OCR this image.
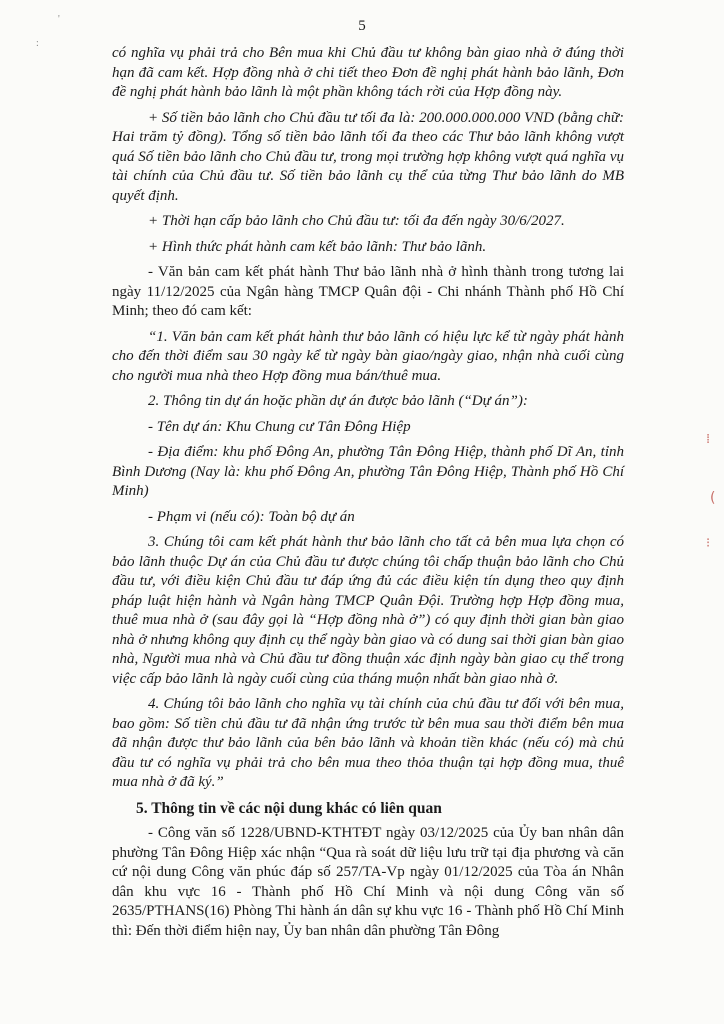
5
'
:

có nghĩa vụ phải trả cho Bên mua khi Chủ đầu tư không bàn giao nhà ở đúng thời hạn đã cam kết. Hợp đồng nhà ở chi tiết theo Đơn đề nghị phát hành bảo lãnh, Đơn đề nghị phát hành bảo lãnh là một phần không tách rời của Hợp đồng này.

+ Số tiền bảo lãnh cho Chủ đầu tư tối đa là: 200.000.000.000 VND (bằng chữ: Hai trăm tỷ đồng). Tổng số tiền bảo lãnh tối đa theo các Thư bảo lãnh không vượt quá Số tiền bảo lãnh cho Chủ đầu tư, trong mọi trường hợp không vượt quá nghĩa vụ tài chính của Chủ đầu tư. Số tiền bảo lãnh cụ thể của từng Thư bảo lãnh do MB quyết định.

+ Thời hạn cấp bảo lãnh cho Chủ đầu tư: tối đa đến ngày 30/6/2027.

+ Hình thức phát hành cam kết bảo lãnh: Thư bảo lãnh.

- Văn bản cam kết phát hành Thư bảo lãnh nhà ở hình thành trong tương lai ngày 11/12/2025 của Ngân hàng TMCP Quân đội - Chi nhánh Thành phố Hồ Chí Minh; theo đó cam kết:

“1. Văn bản cam kết phát hành thư bảo lãnh có hiệu lực kể từ ngày phát hành cho đến thời điểm sau 30 ngày kể từ ngày bàn giao/ngày giao, nhận nhà cuối cùng cho người mua nhà theo Hợp đồng mua bán/thuê mua.

2. Thông tin dự án hoặc phần dự án được bảo lãnh (“Dự án”):

- Tên dự án: Khu Chung cư Tân Đông Hiệp

- Địa điểm: khu phố Đông An, phường Tân Đông Hiệp, thành phố Dĩ An, tỉnh Bình Dương (Nay là: khu phố Đông An, phường Tân Đông Hiệp, Thành phố Hồ Chí Minh)

- Phạm vi (nếu có): Toàn bộ dự án

3. Chúng tôi cam kết phát hành thư bảo lãnh cho tất cả bên mua lựa chọn có bảo lãnh thuộc Dự án của Chủ đầu tư được chúng tôi chấp thuận bảo lãnh cho Chủ đầu tư, với điều kiện Chủ đầu tư đáp ứng đủ các điều kiện tín dụng theo quy định pháp luật hiện hành và Ngân hàng TMCP Quân Đội. Trường hợp Hợp đồng mua, thuê mua nhà ở (sau đây gọi là “Hợp đồng nhà ở”) có quy định thời gian bàn giao nhà ở nhưng không quy định cụ thể ngày bàn giao và có dung sai thời gian bàn giao nhà, Người mua nhà và Chủ đầu tư đồng thuận xác định ngày bàn giao cụ thể trong việc cấp bảo lãnh là ngày cuối cùng của tháng muộn nhất bàn giao nhà ở.

4. Chúng tôi bảo lãnh cho nghĩa vụ tài chính của chủ đầu tư đối với bên mua, bao gồm: Số tiền chủ đầu tư đã nhận ứng trước từ bên mua sau thời điểm bên mua đã nhận được thư bảo lãnh của bên bảo lãnh và khoản tiền khác (nếu có) mà chủ đầu tư có nghĩa vụ phải trả cho bên mua theo thỏa thuận tại hợp đồng mua, thuê mua nhà ở đã ký.”

5. Thông tin về các nội dung khác có liên quan

- Công văn số 1228/UBND-KTHTĐT ngày 03/12/2025 của Ủy ban nhân dân phường Tân Đông Hiệp xác nhận “Qua rà soát dữ liệu lưu trữ tại địa phương và căn cứ nội dung Công văn phúc đáp số 257/TA-Vp ngày 01/12/2025 của Tòa án Nhân dân khu vực 16 - Thành phố Hồ Chí Minh và nội dung Công văn số 2635/PTHANS(16) Phòng Thi hành án dân sự khu vực 16 - Thành phố Hồ Chí Minh thì: Đến thời điểm hiện nay, Ủy ban nhân dân phường Tân Đông

⁞
(
⁝
